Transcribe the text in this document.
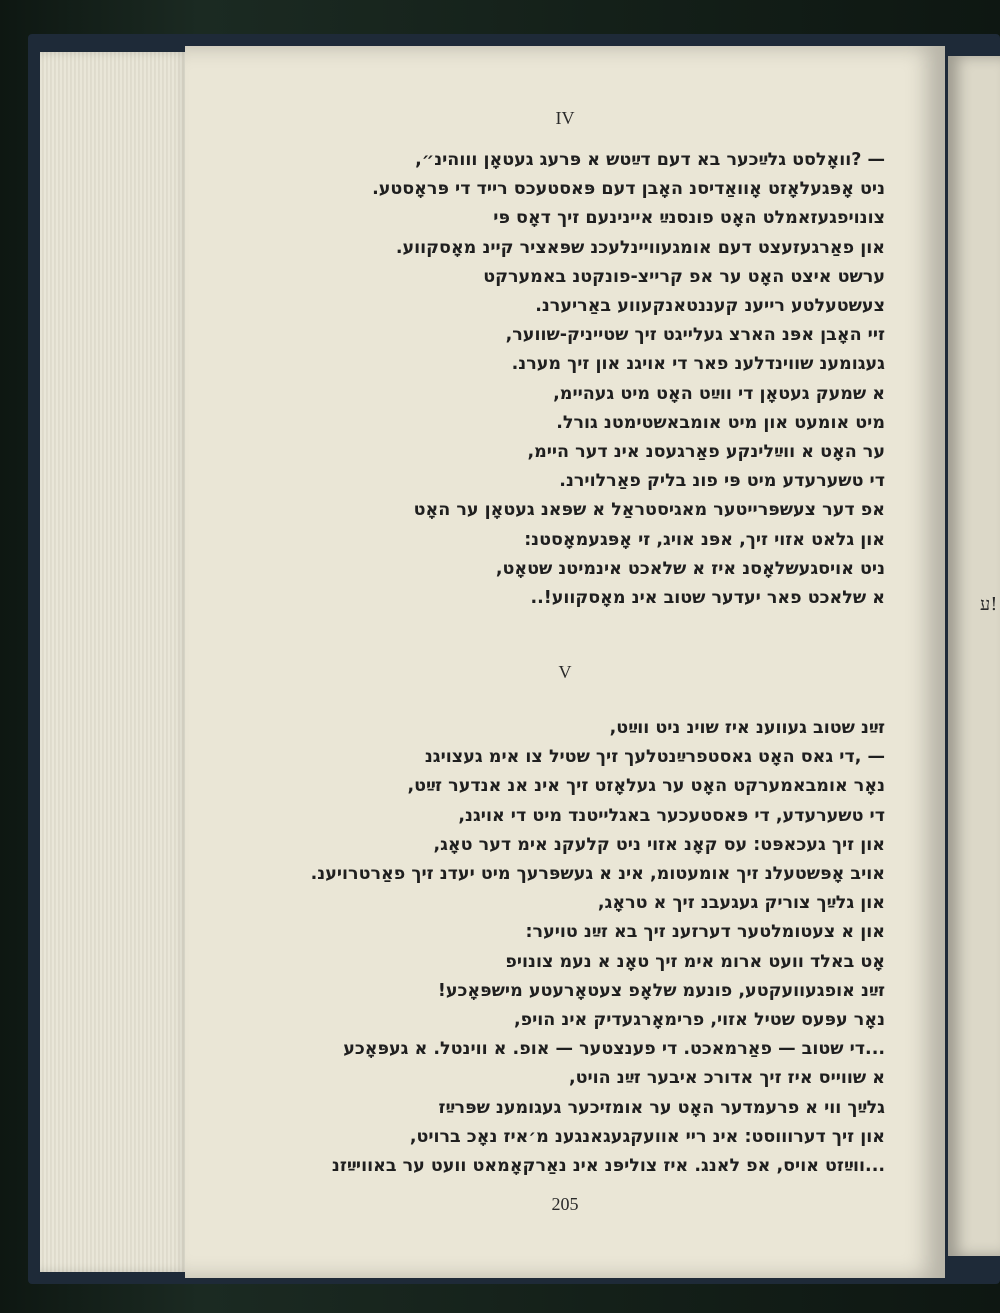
IV
— ?וואָלסט גלײַכער בא דעם דײַטש א פּרעג געטאָן וווהינ״,
ניט אָפּגעלאָזט אָוואַדיסנ האָבן דעם פּאסטעכס רייד די פּראָסטע.
צונויפגעזאמלט האָט פונסנײַ איינינעם זיך דאָס פּי
און פאַרגעזעצט דעם אומגעוויינלעכנ שפּאציר קיינ מאָסקווע.
ערשט איצט האָט ער אפ קרייצ-פונקטנ באמערקט
צעשטעלטע רייענ קעננטאנקעווע באַריערנ.
זיי האָבן אפּנ הארצ געלייגט זיך שטייניק-שווער,
געגומענ שווינדלענ פאר די אויגנ און זיך מערנ.
א שמעק געטאָן די ווײַט האָט מיט געהיימ,
מיט אומעט און מיט אומבאשטימטנ גורל.
ער האָט א ווײַלינקע פאַרגעסנ אינ דער היימ,
די טשערעדע מיט פּי פונ בליק פאַרלוירנ.
אפ דער צעשפּרייטער מאגיסטראַל א שפּאנ געטאָן ער האָט
און גלאט אזוי זיך, אפּנ אויג, זי אָפּגעמאָסטנ:
ניט אויסגעשלאָסנ איז א שלאכט אינמיטנ שטאָט,
א שלאכט פאר יעדער שטוב אינ מאָסקווע!..
V
זײַנ שטוב געווענ איז שוינ ניט ווײַט,
— ,די גאס האָט גאסטפרײַנטלעך זיך שטיל צו אימ געצויגנ
נאָר אומבאמערקט האָט ער געלאָזט זיך אינ אנ אנדער זײַט,
די טשערעדע, די פּאסטעכער באגלייטנד מיט די אויגנ,
און זיך געכאפּט: עס קאָנ אזוי ניט קלעקנ אימ דער טאָג,
אויב אָפּשטעלנ זיך אומעטומ, אינ א געשפּרעך מיט יעדנ זיך פאַרטרויענ.
און גלײַך צוריק געגעבנ זיך א טראָג,
און א צעטומלטער דערזענ זיך בא זײַנ טויער:
אָט באלד וועט ארומ אימ זיך טאָנ א נעמ צונויפ
זײַנ אופגעוועקטע, פונעמ שלאָפ צעטאָרעטע מישפּאָכע!
נאָר עפּעס שטיל אזוי, פרימאָרגעדיק אינ הויפ,
...די שטוב — פאַרמאכט. די פענצטער — אופ. א ווינטל. א געפּאָכע
א שווייס איז זיך אדורכ איבער זײַנ הויט,
גלײַך ווי א פרעמדער האָט ער אומזיכער געגומענ שפּרײַז
און זיך דערוווסט: אינ ריי אוועקגעגאנגענ מ׳איז נאָכ ברויט,
...ווײַזט אויס, אפ לאנג. איז צוליפּנ אינ נאַרקאָמאט וועט ער באוויײַזנ
205
ע!
